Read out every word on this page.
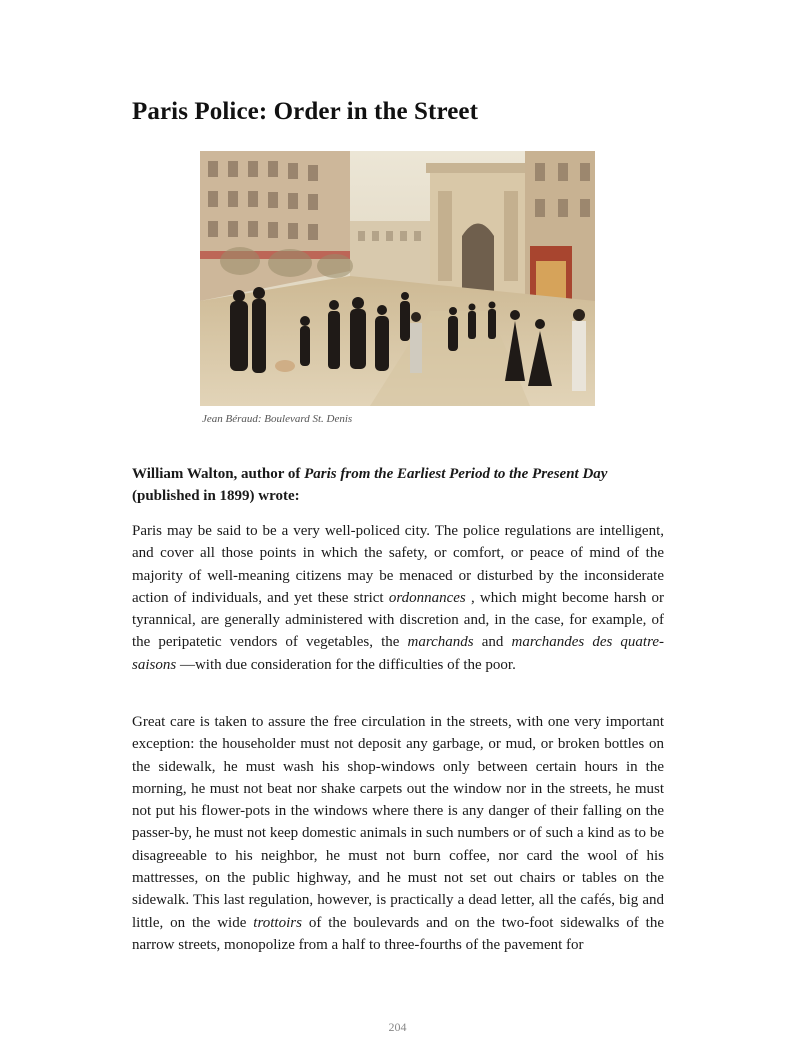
Paris Police: Order in the Street
Jean Béraud: Boulevard St. Denis

William Walton, author of Paris from the Earliest Period to the Present Day (published in 1899) wrote:

Paris may be said to be a very well-policed city. The police regulations are intelligent, and cover all those points in which the safety, or comfort, or peace of mind of the majority of well-meaning citizens may be menaced or disturbed by the inconsiderate action of individuals, and yet these strict ordonnances , which might become harsh or tyrannical, are generally administered with discretion and, in the case, for example, of the peripatetic vendors of vegetables, the marchands and marchandes des quatre-saisons —with due consideration for the difficulties of the poor.

Great care is taken to assure the free circulation in the streets, with one very important exception: the householder must not deposit any garbage, or mud, or broken bottles on the sidewalk, he must wash his shop-windows only between certain hours in the morning, he must not beat nor shake carpets out the window nor in the streets, he must not put his flower-pots in the windows where there is any danger of their falling on the passer-by, he must not keep domestic animals in such numbers or of such a kind as to be disagreeable to his neighbor, he must not burn coffee, nor card the wool of his mattresses, on the public highway, and he must not set out chairs or tables on the sidewalk. This last regulation, however, is practically a dead letter, all the cafés, big and little, on the wide trottoirs of the boulevards and on the two-foot sidewalks of the narrow streets, monopolize from a half to three-fourths of the pavement for

204
